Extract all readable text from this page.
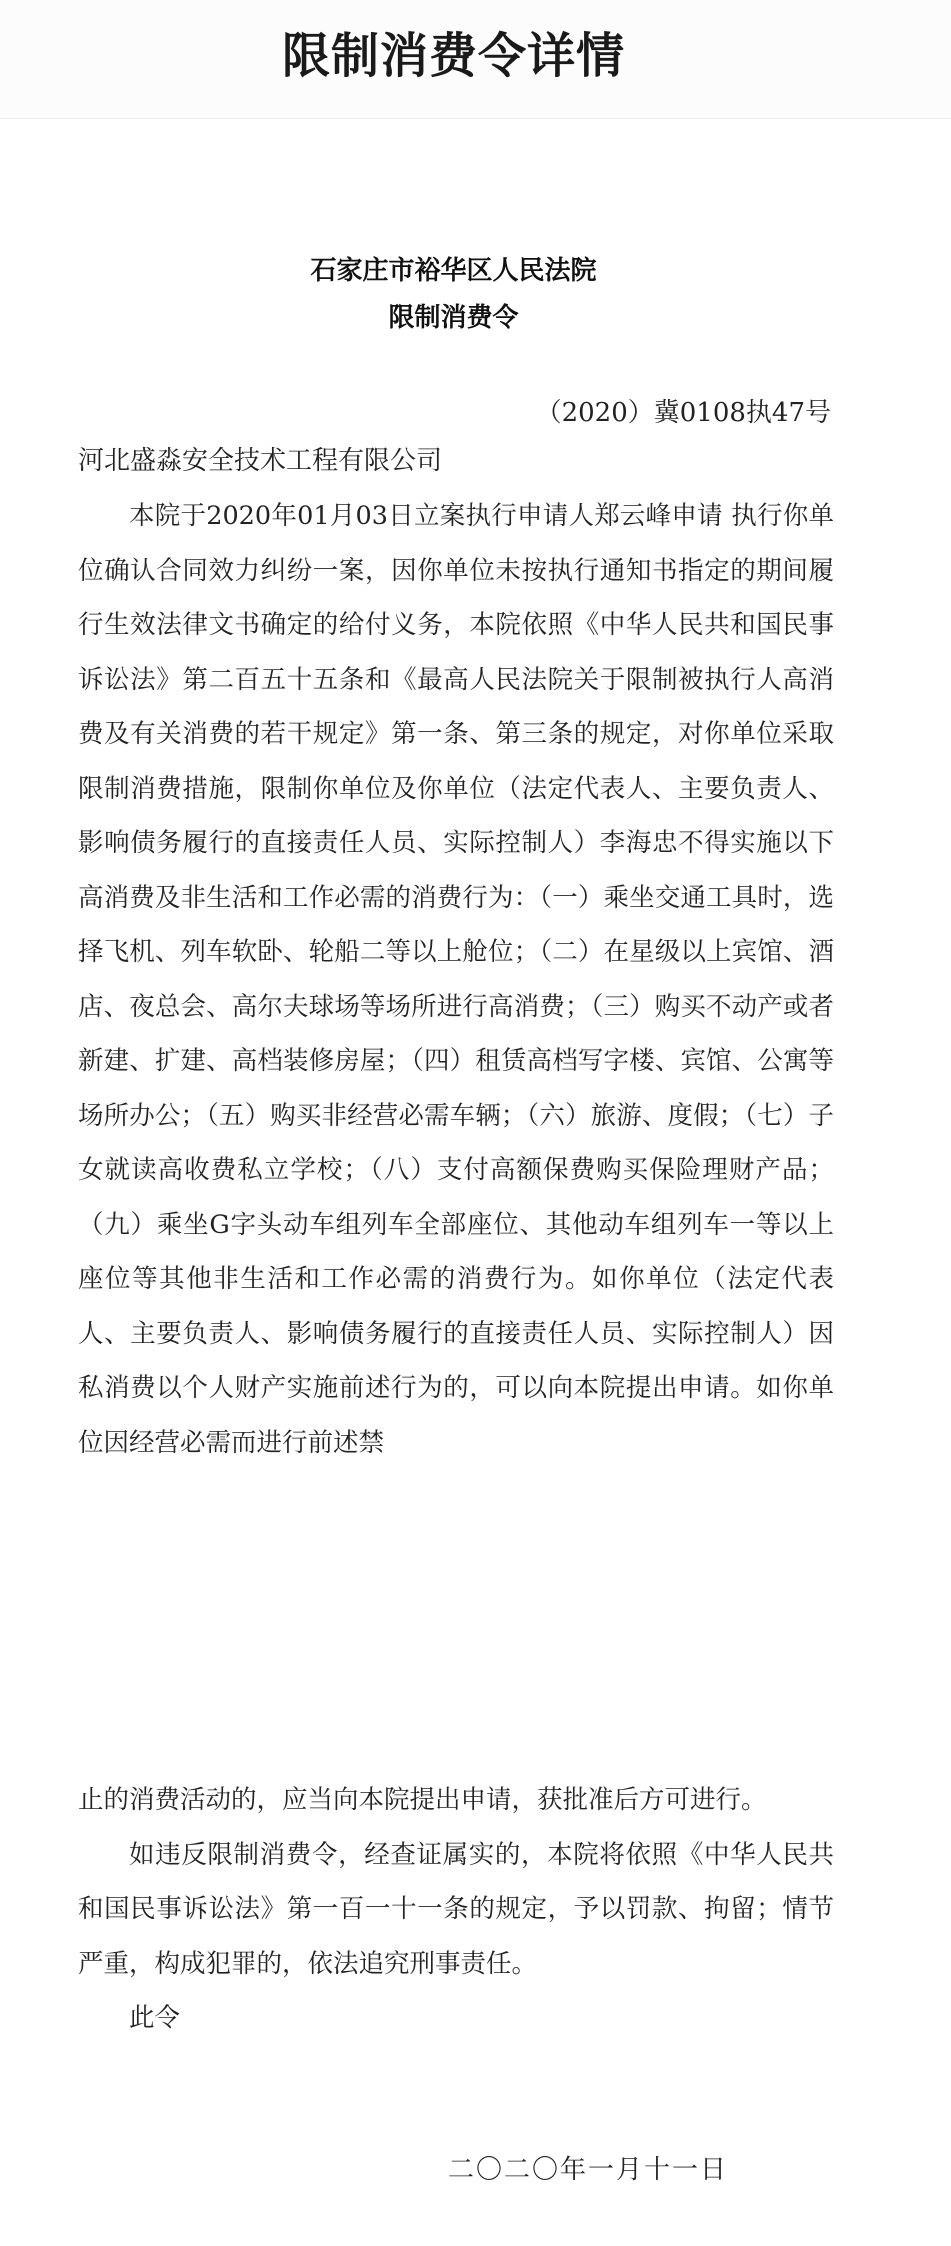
限制消费令详情
石家庄市裕华区人民法院
限制消费令
（2020）冀0108执47号
河北盛淼安全技术工程有限公司

本院于2020年01月03日立案执行申请人郑云峰申请 执行你单位确认合同效力纠纷一案，因你单位未按执行通知书指定的期间履行生效法律文书确定的给付义务，本院依照《中华人民共和国民事诉讼法》第二百五十五条和《最高人民法院关于限制被执行人高消费及有关消费的若干规定》第一条、第三条的规定，对你单位采取限制消费措施，限制你单位及你单位（法定代表人、主要负责人、影响债务履行的直接责任人员、实际控制人）李海忠不得实施以下高消费及非生活和工作必需的消费行为：（一）乘坐交通工具时，选择飞机、列车软卧、轮船二等以上舱位；（二）在星级以上宾馆、酒店、夜总会、高尔夫球场等场所进行高消费；（三）购买不动产或者新建、扩建、高档装修房屋；（四）租赁高档写字楼、宾馆、公寓等场所办公；（五）购买非经营必需车辆；（六）旅游、度假；（七）子女就读高收费私立学校；（八）支付高额保费购买保险理财产品；（九）乘坐G字头动车组列车全部座位、其他动车组列车一等以上座位等其他非生活和工作必需的消费行为。如你单位（法定代表人、主要负责人、影响债务履行的直接责任人员、实际控制人）因私消费以个人财产实施前述行为的，可以向本院提出申请。如你单位因经营必需而进行前述禁

止的消费活动的，应当向本院提出申请，获批准后方可进行。

如违反限制消费令，经查证属实的，本院将依照《中华人民共和国民事诉讼法》第一百一十一条的规定，予以罚款、拘留；情节严重，构成犯罪的，依法追究刑事责任。

此令

二〇二〇年一月十一日
